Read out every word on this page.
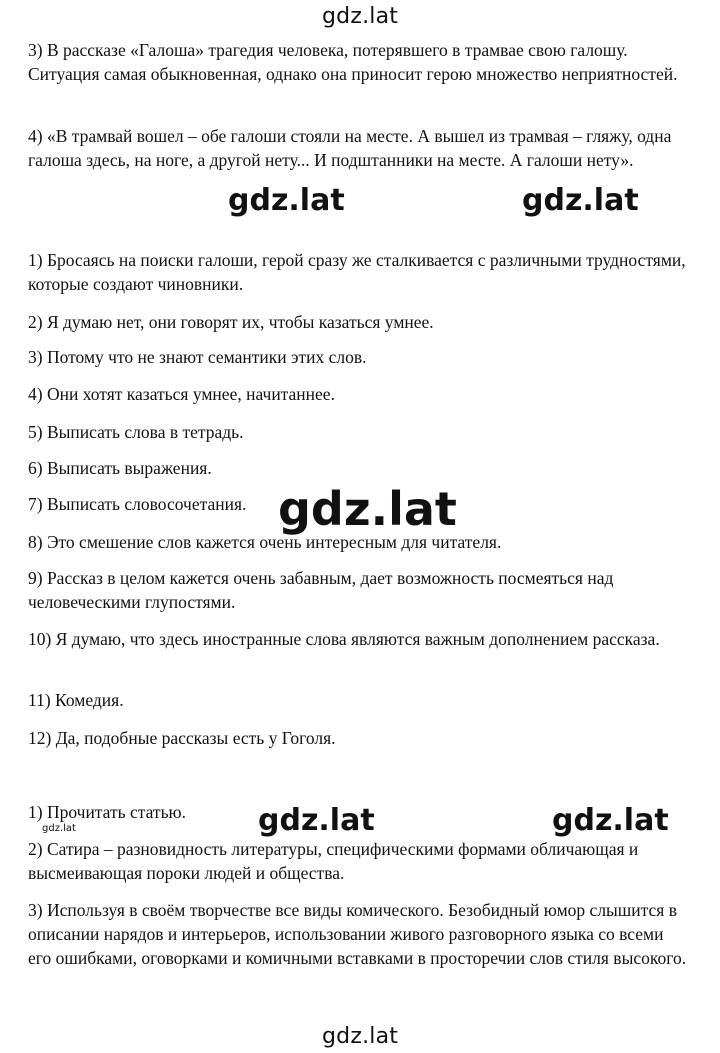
gdz.lat

3) В рассказе «Галоша» трагедия человека, потерявшего в трамвае свою галошу. Ситуация самая обыкновенная, однако она приносит герою множество неприятностей.

4) «В трамвай вошел – обе галоши стояли на месте. А вышел из трамвая – гляжу, одна галоша здесь, на ноге, а другой нету... И подштанники на месте. А галоши нету».

gdz.lat	gdz.lat

1) Бросаясь на поиски галоши, герой сразу же сталкивается с различными трудностями, которые создают чиновники.

2) Я думаю нет, они говорят их, чтобы казаться умнее.

3) Потому что не знают семантики этих слов.

4) Они хотят казаться умнее, начитаннее.

5) Выписать слова в тетрадь.

6) Выписать выражения.

7) Выписать словосочетания. gdz.lat

8) Это смешение слов кажется очень интересным для читателя.

9) Рассказ в целом кажется очень забавным, дает возможность посмеяться над человеческими глупостями.

10) Я думаю, что здесь иностранные слова являются важным дополнением рассказа.

11) Комедия.

12) Да, подобные рассказы есть у Гоголя.

1) Прочитать статью.

gdz.lat	gdz.lat	gdz.lat

2) Сатира – разновидность литературы, специфическими формами обличающая и высмеивающая пороки людей и общества.

3) Используя в своём творчестве все виды комического. Безобидный юмор слышится в описании нарядов и интерьеров, использовании живого разговорного языка со всеми его ошибками, оговорками и комичными вставками в просторечии слов стиля высокого.

gdz.lat
